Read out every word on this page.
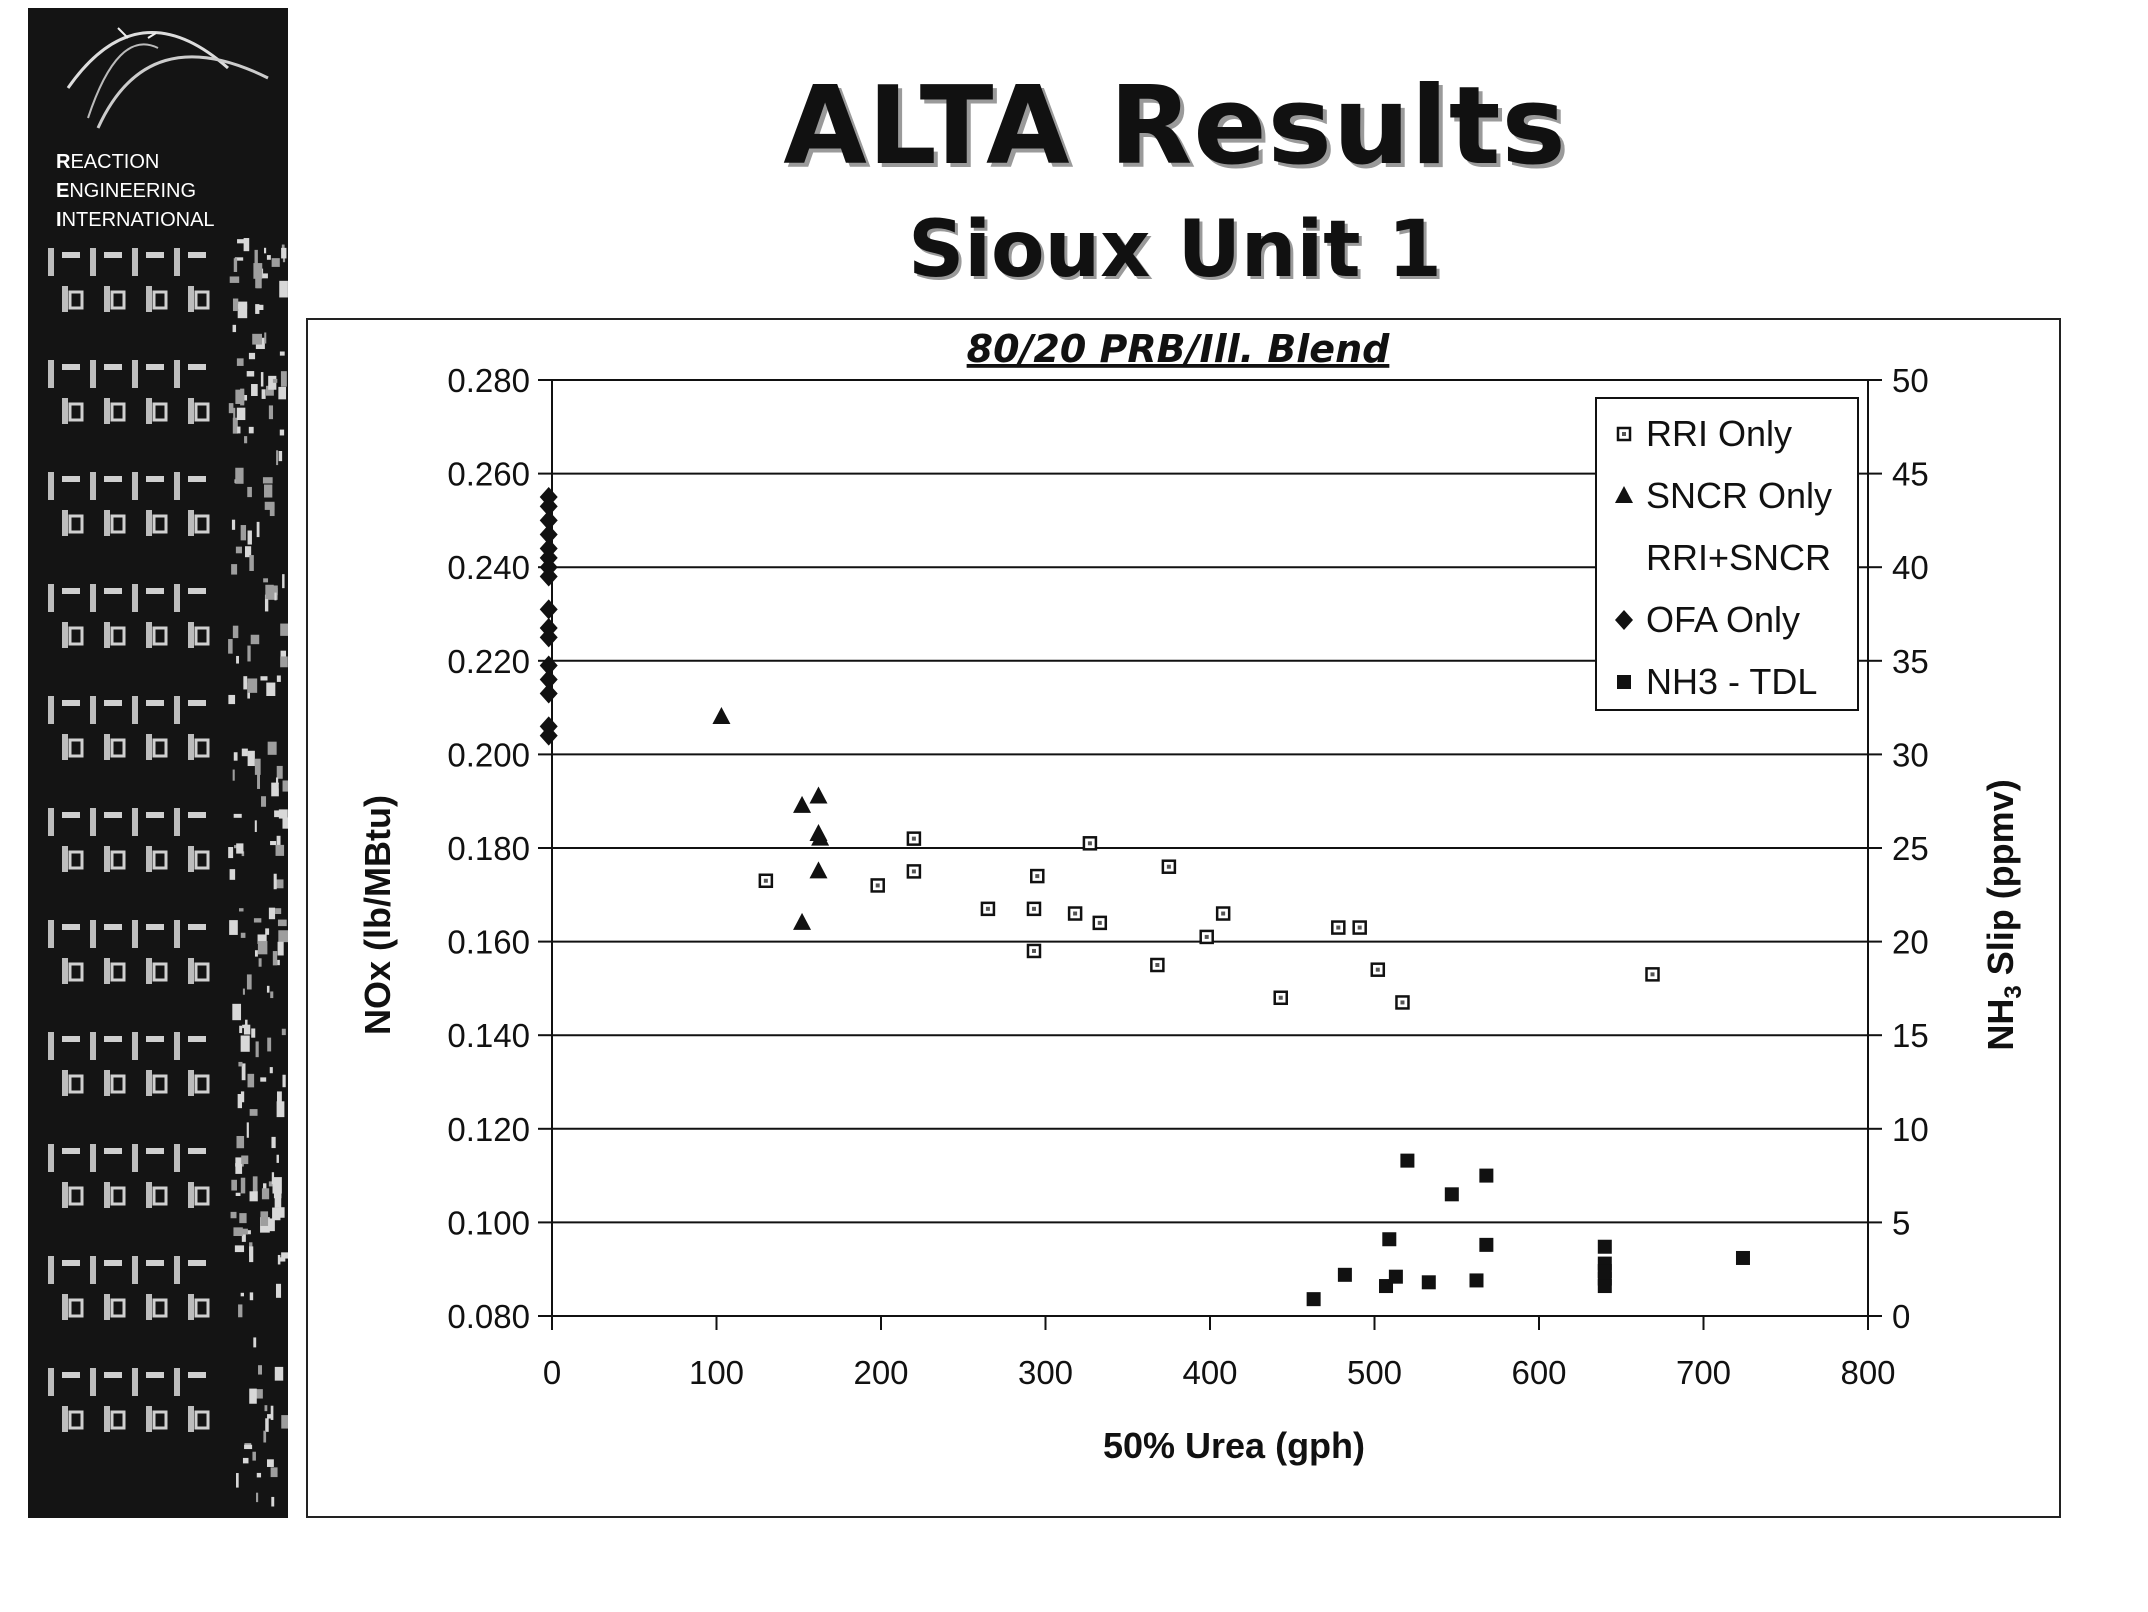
REACTION
ENGINEERING
INTERNATIONAL
ALTA Results
Sioux Unit 1
80/20 PRB/Ill. Blend
0	100	200	300	400	500	600	700	800
0.080
0.100
0.120
0.140
0.160
0.180
0.200
0.220
0.240
0.260
0.280
0
5
10
15
20
25
30
35
40
45
50
50% Urea (gph)
NOx (lb/MBtu)	$NH_3$ Slip (ppmv)
RRI Only
SNCR Only
RRI+SNCR
OFA Only
NH3 - TDL
